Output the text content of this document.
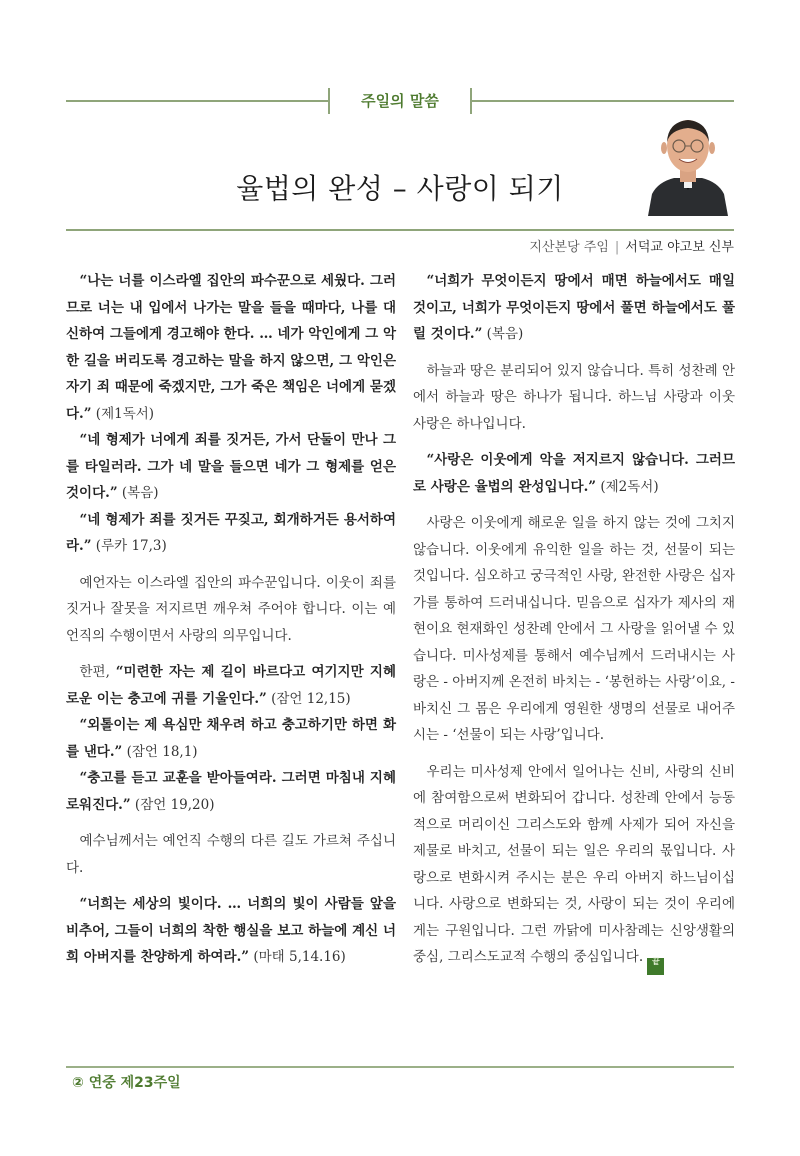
주일의 말씀
율법의 완성 – 사랑이 되기
지산본당 주임 | 서덕교 야고보 신부

“나는 너를 이스라엘 집안의 파수꾼으로 세웠다. 그러므로 너는 내 입에서 나가는 말을 들을 때마다, 나를 대신하여 그들에게 경고해야 한다. … 네가 악인에게 그 악한 길을 버리도록 경고하는 말을 하지 않으면, 그 악인은 자기 죄 때문에 죽겠지만, 그가 죽은 책임은 너에게 묻겠다.” (제1독서)

“네 형제가 너에게 죄를 짓거든, 가서 단둘이 만나 그를 타일러라. 그가 네 말을 들으면 네가 그 형제를 얻은 것이다.” (복음)

“네 형제가 죄를 짓거든 꾸짖고, 회개하거든 용서하여라.” (루카 17,3)

예언자는 이스라엘 집안의 파수꾼입니다. 이웃이 죄를 짓거나 잘못을 저지르면 깨우쳐 주어야 합니다. 이는 예언직의 수행이면서 사랑의 의무입니다.

한편, “미련한 자는 제 길이 바르다고 여기지만 지혜로운 이는 충고에 귀를 기울인다.” (잠언 12,15)

“외톨이는 제 욕심만 채우려 하고 충고하기만 하면 화를 낸다.” (잠언 18,1)

“충고를 듣고 교훈을 받아들여라. 그러면 마침내 지혜로워진다.” (잠언 19,20)

예수님께서는 예언직 수행의 다른 길도 가르쳐 주십니다.

“너희는 세상의 빛이다. … 너희의 빛이 사람들 앞을 비추어, 그들이 너희의 착한 행실을 보고 하늘에 계신 너희 아버지를 찬양하게 하여라.” (마태 5,14.16)

“너희가 무엇이든지 땅에서 매면 하늘에서도 매일 것이고, 너희가 무엇이든지 땅에서 풀면 하늘에서도 풀릴 것이다.” (복음)

하늘과 땅은 분리되어 있지 않습니다. 특히 성찬례 안에서 하늘과 땅은 하나가 됩니다. 하느님 사랑과 이웃 사랑은 하나입니다.

“사랑은 이웃에게 악을 저지르지 않습니다. 그러므로 사랑은 율법의 완성입니다.” (제2독서)

사랑은 이웃에게 해로운 일을 하지 않는 것에 그치지 않습니다. 이웃에게 유익한 일을 하는 것, 선물이 되는 것입니다. 심오하고 궁극적인 사랑, 완전한 사랑은 십자가를 통하여 드러내십니다. 믿음으로 십자가 제사의 재현이요 현재화인 성찬례 안에서 그 사랑을 읽어낼 수 있습니다. 미사성제를 통해서 예수님께서 드러내시는 사랑은 - 아버지께 온전히 바치는 - ‘봉헌하는 사랑’이요, - 바치신 그 몸은 우리에게 영원한 생명의 선물로 내어주시는 - ‘선물이 되는 사랑’입니다.

우리는 미사성제 안에서 일어나는 신비, 사랑의 신비에 참여함으로써 변화되어 갑니다. 성찬례 안에서 능동적으로 머리이신 그리스도와 함께 사제가 되어 자신을 제물로 바치고, 선물이 되는 일은 우리의 몫입니다. 사랑으로 변화시켜 주시는 분은 우리 아버지 하느님이십니다. 사랑으로 변화되는 것, 사랑이 되는 것이 우리에게는 구원입니다. 그런 까닭에 미사참례는 신앙생활의 중심, 그리스도교적 수행의 중심입니다. 끝

② 연중 제23주일
